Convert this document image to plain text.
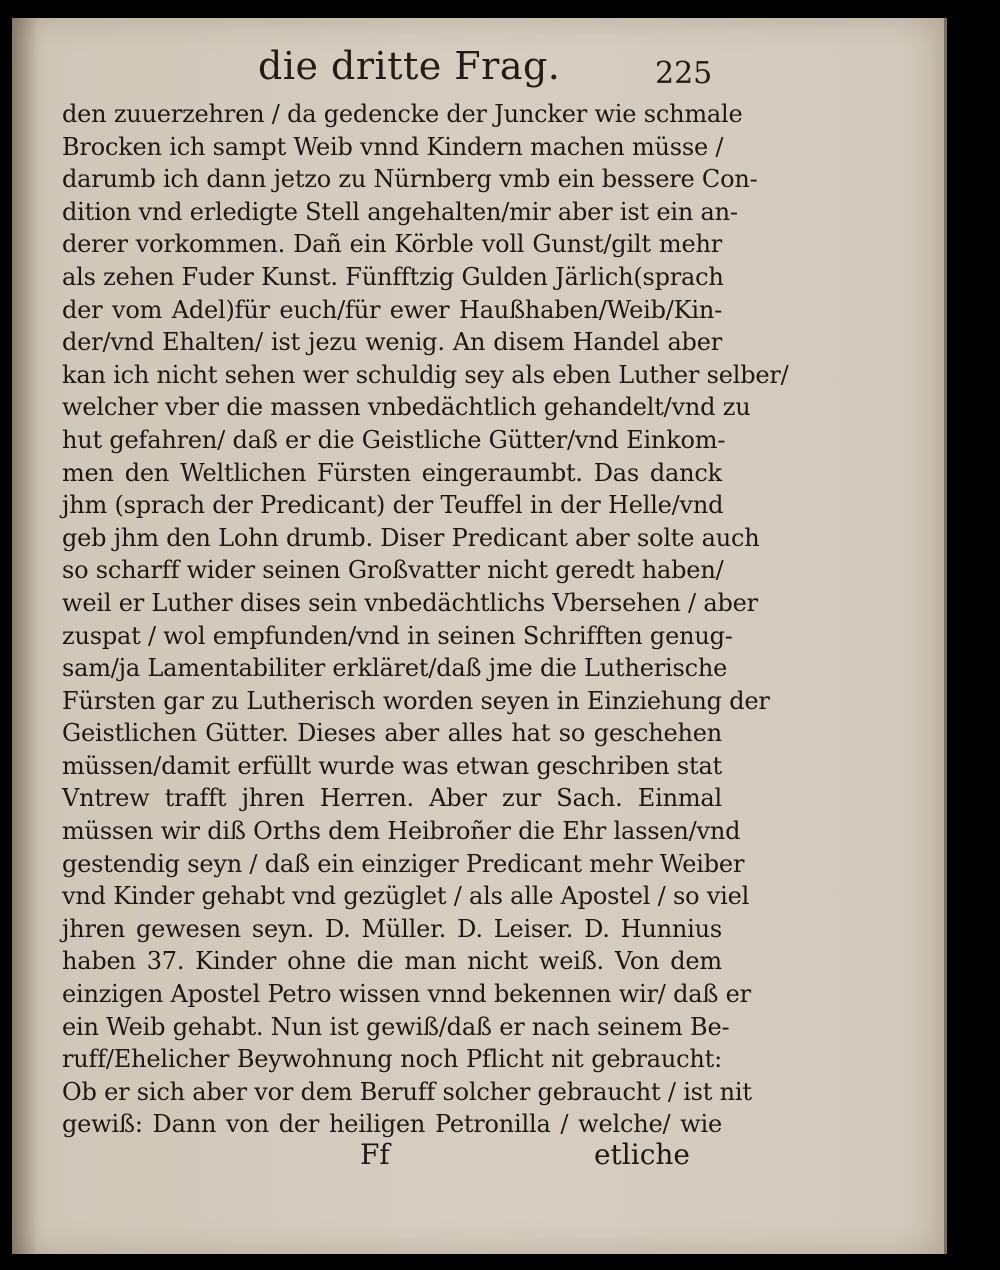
die dritte Frag.	225
den zuuerzehren / da gedencke der Juncker wie schmale
Brocken ich sampt Weib vnnd Kindern machen müsse /
darumb ich dann jetzo zu Nürnberg vmb ein bessere Con-
dition vnd erledigte Stell angehalten/mir aber ist ein an-
derer vorkommen. Dañ ein Körble voll Gunst/gilt mehr
als zehen Fuder Kunst. Fünfftzig Gulden Järlich(sprach
der vom Adel)für euch/für ewer Haußhaben/Weib/Kin-
der/vnd Ehalten/ ist jezu wenig. An disem Handel aber
kan ich nicht sehen wer schuldig sey als eben Luther selber/
welcher vber die massen vnbedächtlich gehandelt/vnd zu
hut gefahren/ daß er die Geistliche Gütter/vnd Einkom-
men den Weltlichen Fürsten eingeraumbt. Das danck
jhm (sprach der Predicant) der Teuffel in der Helle/vnd
geb jhm den Lohn drumb. Diser Predicant aber solte auch
so scharff wider seinen Großvatter nicht geredt haben/
weil er Luther dises sein vnbedächtlichs Vbersehen / aber
zuspat / wol empfunden/vnd in seinen Schrifften genug-
sam/ja Lamentabiliter erkläret/daß jme die Lutherische
Fürsten gar zu Lutherisch worden seyen in Einziehung der
Geistlichen Gütter. Dieses aber alles hat so geschehen
müssen/damit erfüllt wurde was etwan geschriben stat
Vntrew trafft jhren Herren. Aber zur Sach. Einmal
müssen wir diß Orths dem Heibroñer die Ehr lassen/vnd
gestendig seyn / daß ein einziger Predicant mehr Weiber
vnd Kinder gehabt vnd gezüglet / als alle Apostel / so viel
jhren gewesen seyn. D. Müller. D. Leiser. D. Hunnius
haben 37. Kinder ohne die man nicht weiß. Von dem
einzigen Apostel Petro wissen vnnd bekennen wir/ daß er
ein Weib gehabt. Nun ist gewiß/daß er nach seinem Be-
ruff/Ehelicher Beywohnung noch Pflicht nit gebraucht:
Ob er sich aber vor dem Beruff solcher gebraucht / ist nit
gewiß: Dann von der heiligen Petronilla / welche/ wie
Ff	etliche
